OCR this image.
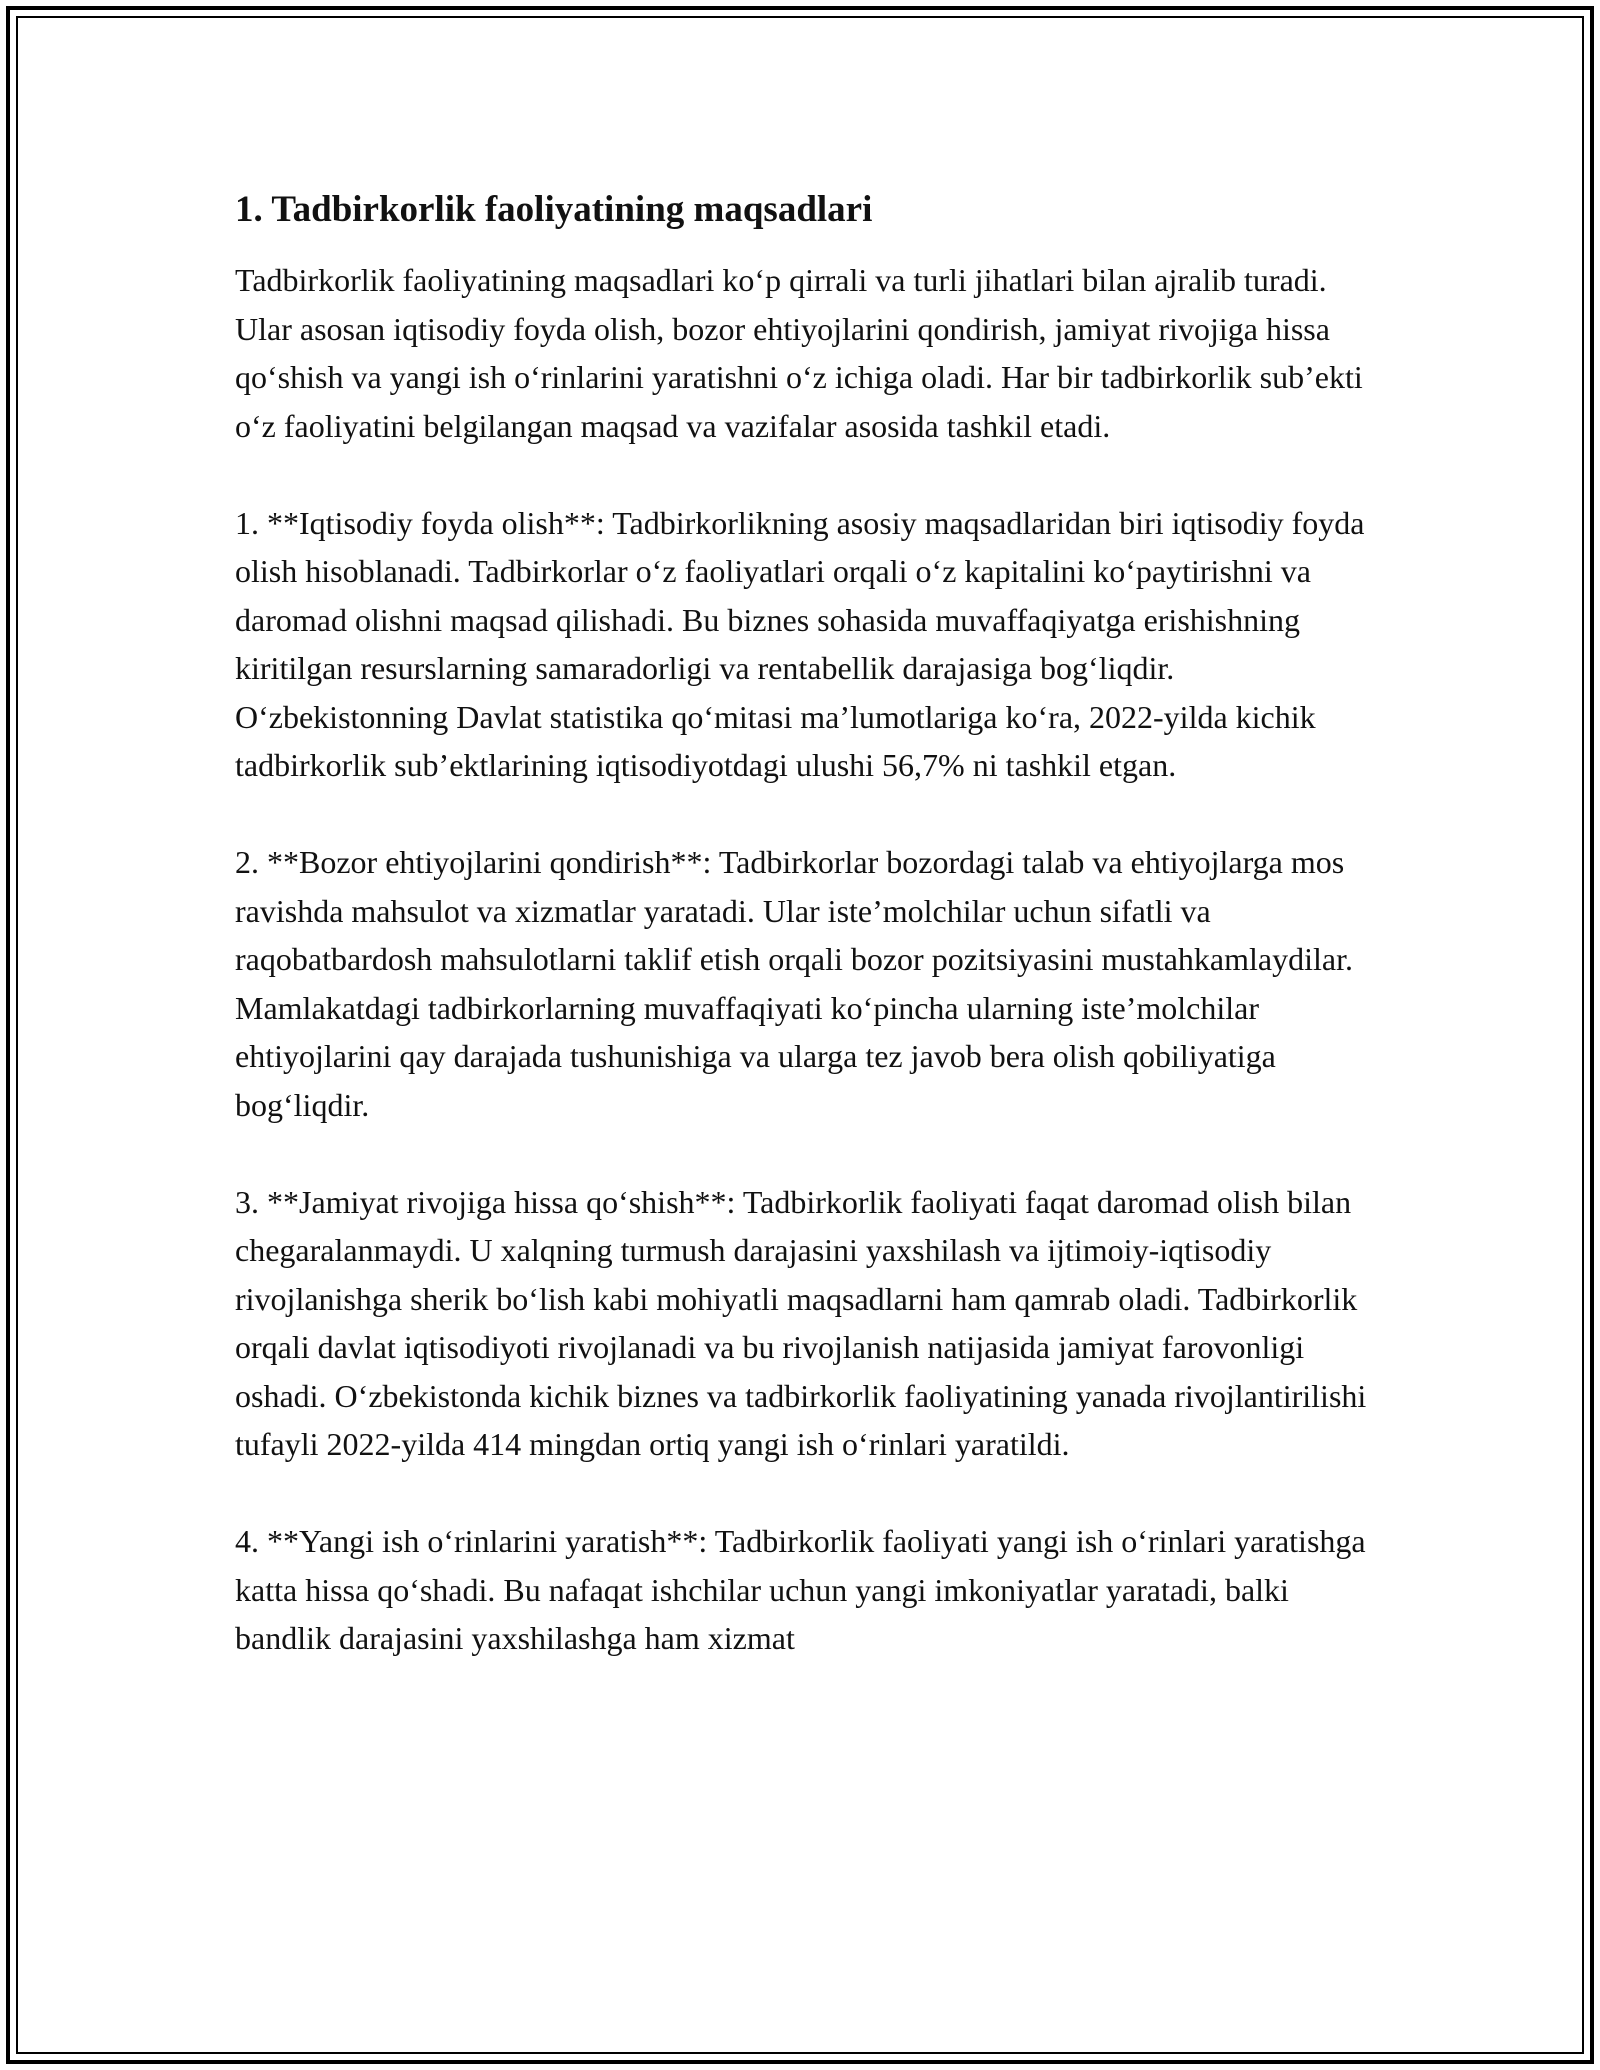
1. Tadbirkorlik faoliyatining maqsadlari

Tadbirkorlik faoliyatining maqsadlari ko‘p qirrali va turli jihatlari bilan ajralib turadi. Ular asosan iqtisodiy foyda olish, bozor ehtiyojlarini qondirish, jamiyat rivojiga hissa qo‘shish va yangi ish o‘rinlarini yaratishni o‘z ichiga oladi. Har bir tadbirkorlik sub’ekti o‘z faoliyatini belgilangan maqsad va vazifalar asosida tashkil etadi.

1. **Iqtisodiy foyda olish**: Tadbirkorlikning asosiy maqsadlaridan biri iqtisodiy foyda olish hisoblanadi. Tadbirkorlar o‘z faoliyatlari orqali o‘z kapitalini ko‘paytirishni va daromad olishni maqsad qilishadi. Bu biznes sohasida muvaffaqiyatga erishishning kiritilgan resurslarning samaradorligi va rentabellik darajasiga bog‘liqdir. O‘zbekistonning Davlat statistika qo‘mitasi ma’lumotlariga ko‘ra, 2022-yilda kichik tadbirkorlik sub’ektlarining iqtisodiyotdagi ulushi 56,7% ni tashkil etgan.

2. **Bozor ehtiyojlarini qondirish**: Tadbirkorlar bozordagi talab va ehtiyojlarga mos ravishda mahsulot va xizmatlar yaratadi. Ular iste’molchilar uchun sifatli va raqobatbardosh mahsulotlarni taklif etish orqali bozor pozitsiyasini mustahkamlaydilar. Mamlakatdagi tadbirkorlarning muvaffaqiyati ko‘pincha ularning iste’molchilar ehtiyojlarini qay darajada tushunishiga va ularga tez javob bera olish qobiliyatiga bog‘liqdir.

3. **Jamiyat rivojiga hissa qo‘shish**: Tadbirkorlik faoliyati faqat daromad olish bilan chegaralanmaydi. U xalqning turmush darajasini yaxshilash va ijtimoiy-iqtisodiy rivojlanishga sherik bo‘lish kabi mohiyatli maqsadlarni ham qamrab oladi. Tadbirkorlik orqali davlat iqtisodiyoti rivojlanadi va bu rivojlanish natijasida jamiyat farovonligi oshadi. O‘zbekistonda kichik biznes va tadbirkorlik faoliyatining yanada rivojlantirilishi tufayli 2022-yilda 414 mingdan ortiq yangi ish o‘rinlari yaratildi.

4. **Yangi ish o‘rinlarini yaratish**: Tadbirkorlik faoliyati yangi ish o‘rinlari yaratishga katta hissa qo‘shadi. Bu nafaqat ishchilar uchun yangi imkoniyatlar yaratadi, balki bandlik darajasini yaxshilashga ham xizmat
